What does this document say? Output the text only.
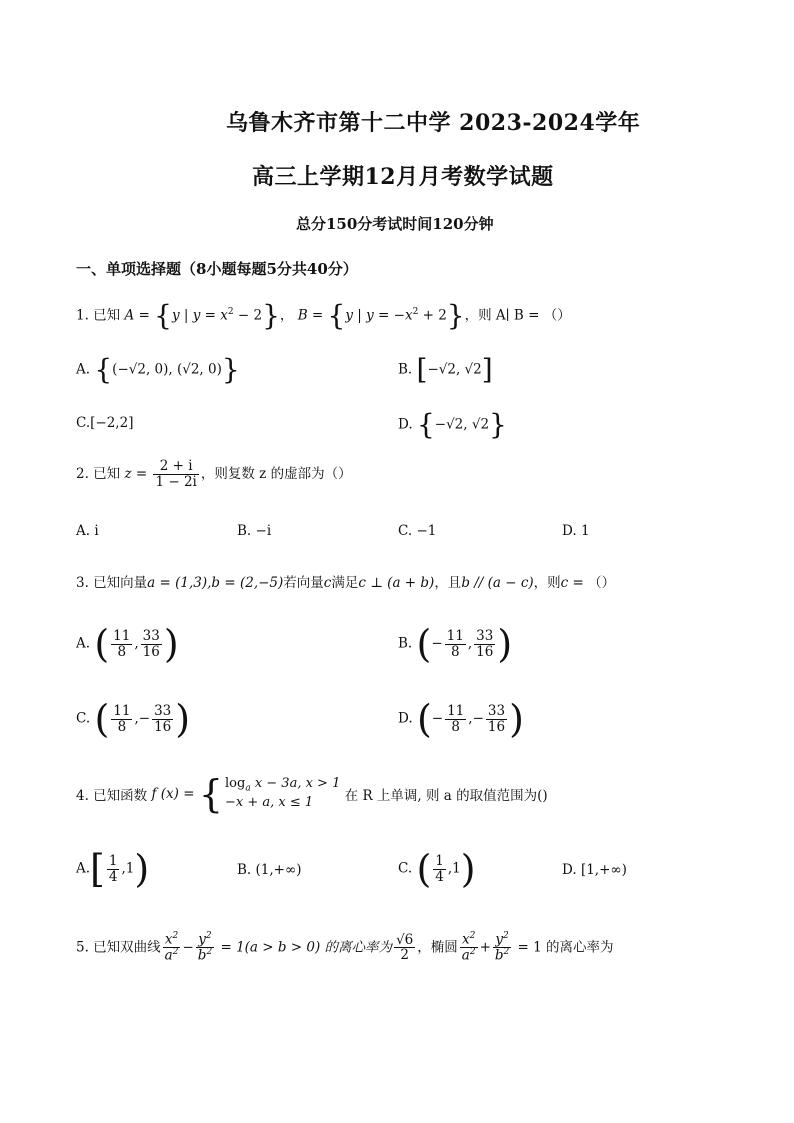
乌鲁木齐市第十二中学 2023-2024学年
高三上学期12月月考数学试题
总分150分考试时间120分钟
一、单项选择题（8小题每题5分共40分）
1. 已知 A = {y | $y = x^2 - 2$}， B = {y | $y = -x^2 + 2$}，则 A∣ B = （）
A. {(−√2, 0), (√2, 0)}	B. [−√2, √2]
C.[−2,2]	D. {−√2, √2}
2. 已知 $z = \frac{2 + i}{1 - 2i}$ ，则复数 z 的虚部为（）
A. i	B. −i	C. −1	D. 1
3. 已知向量a = (1,3),b = (2,−5)若向量c满足c ⊥ (a + b)，且b // (a − c)，则c = （）
A. ( $\frac{11}{8}$ , $\frac{33}{16}$ )	B. (− $\frac{11}{8}$ , $\frac{33}{16}$ )
C. ( $\frac{11}{8}$ ,− $\frac{33}{16}$ )	D. (− $\frac{11}{8}$ ,− $\frac{33}{16}$ )
4. 已知函数 f (x) = { $\log_a x - 3a$, x > 1
−x + a, x ≤ 1 在 R 上单调, 则 a 的取值范围为()
$A.[ \frac{1}{4} ,1)$	B. (1,+∞)	C. ( $\frac{1}{4} ,1$)	D. [1,+∞)
5. 已知双曲线 $\frac{x^2}{a^2} - \frac{y^2}{b^2} = 1(a > b > 0)$ 的离心率为 $\frac{√6}{2}$ ，椭圆 $\frac{x^2}{a^2} + \frac{y^2}{b^2} = 1$ 的离心率为
